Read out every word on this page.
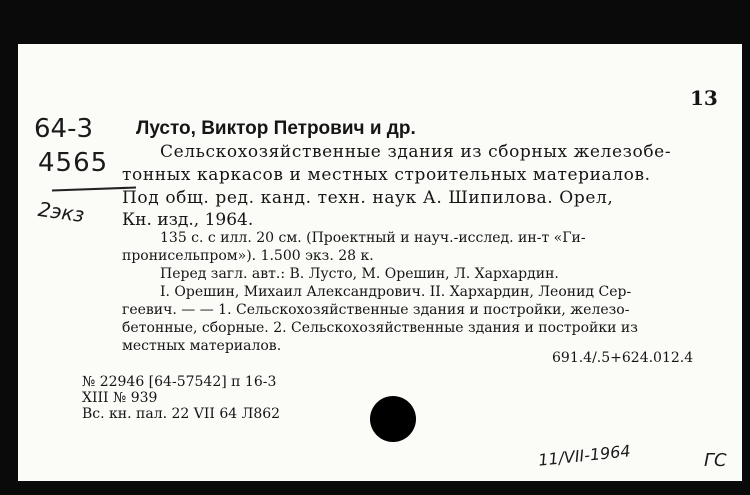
13
64-3
4565
2экз
Лусто, Виктор Петрович и др.
Сельскохозяйственные здания из сборных железобе-
тонных каркасов и местных строительных материалов.
Под общ. ред. канд. техн. наук А. Шипилова. Орел,
Кн. изд., 1964.
135 с. с илл. 20 см. (Проектный и науч.-исслед. ин-т «Ги-
пронисельпром»). 1.500 экз. 28 к.
Перед загл. авт.: В. Лусто, М. Орешин, Л. Хархардин.
I. Орешин, Михаил Александрович. II. Хархардин, Леонид Сер-
геевич. — — 1. Сельскохозяйственные здания и постройки, железо-
бетонные, сборные. 2. Сельскохозяйственные здания и постройки из
местных материалов.
691.4/.5+624.012.4
№ 22946 [64-57542] п 16-3
XIII № 939
Вс. кн. пал. 22 VII 64 Л862
11/VII-1964	ГС
